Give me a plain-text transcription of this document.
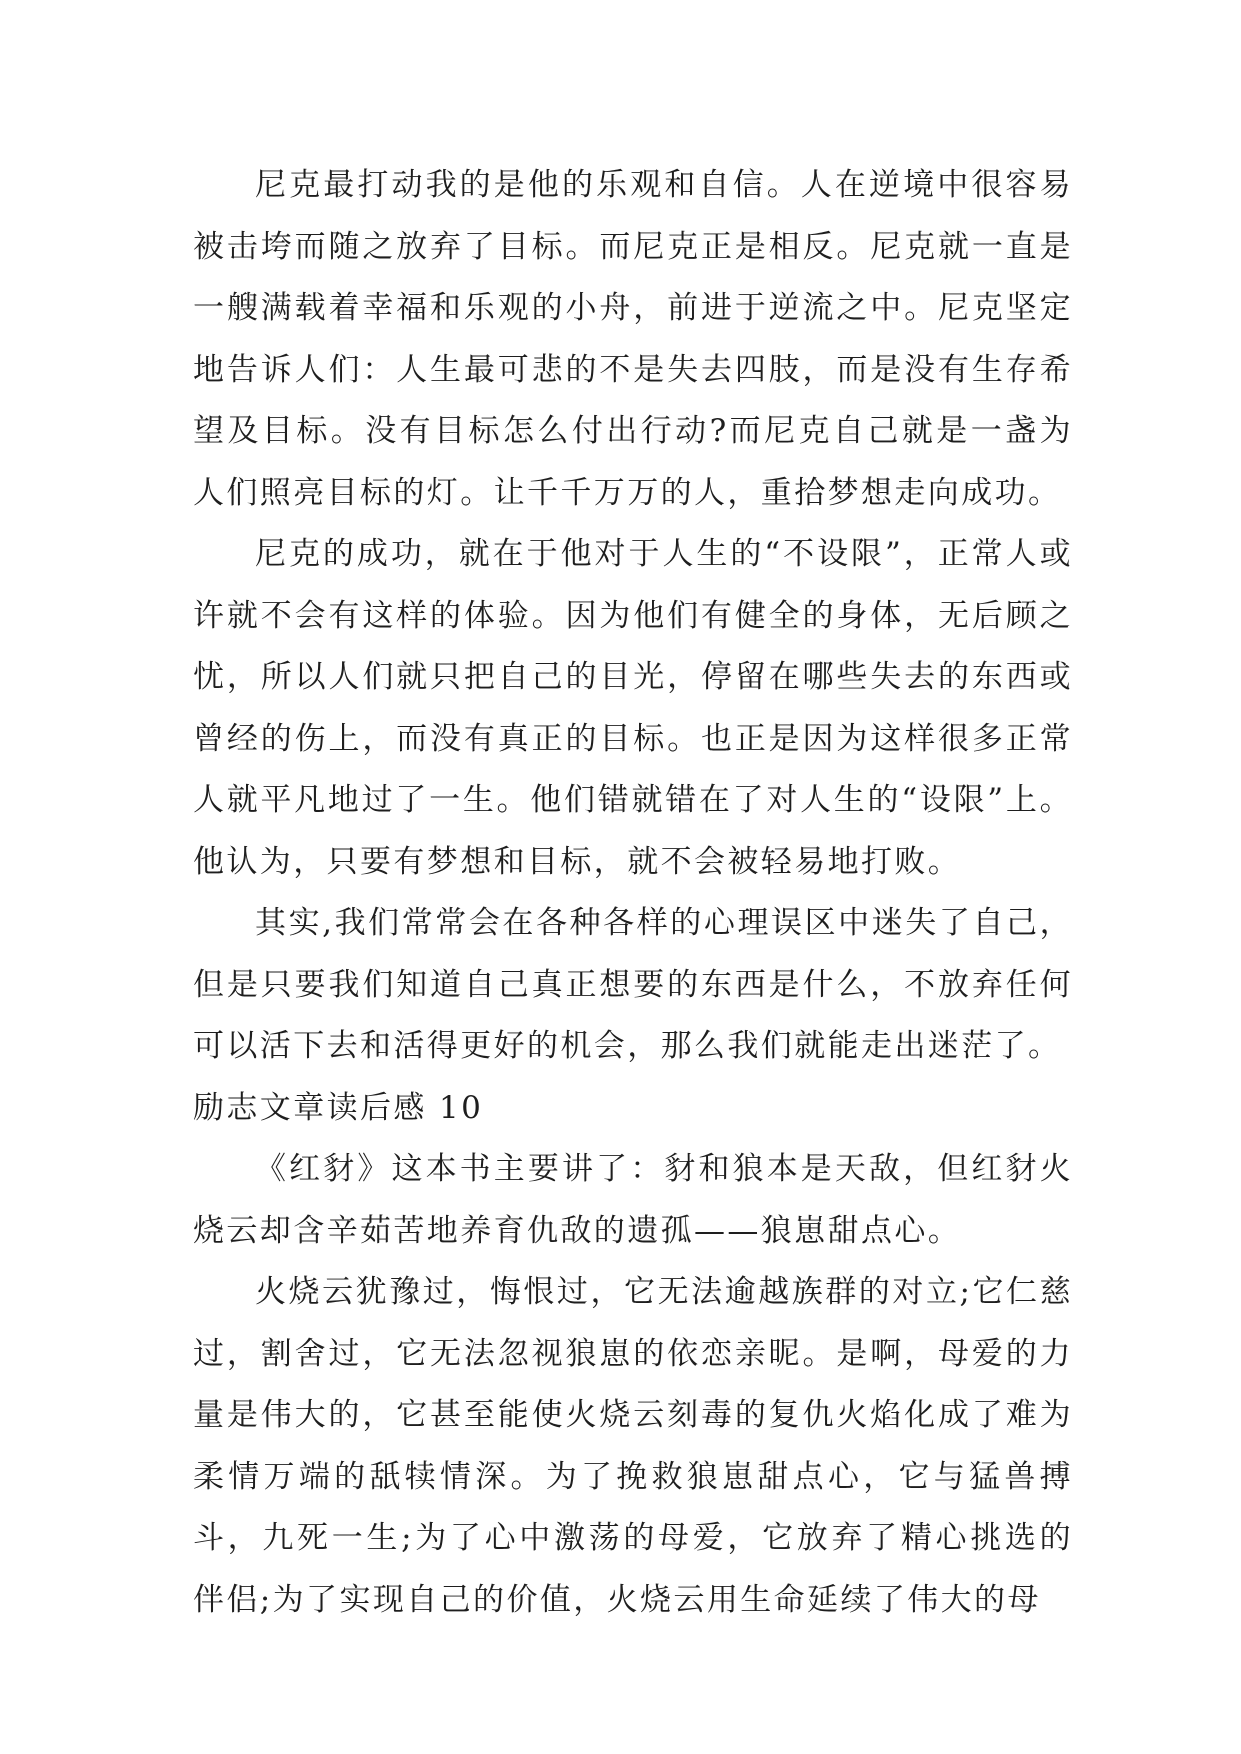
尼克最打动我的是他的乐观和自信。人在逆境中很容易被击垮而随之放弃了目标。而尼克正是相反。尼克就一直是一艘满载着幸福和乐观的小舟，前进于逆流之中。尼克坚定地告诉人们：人生最可悲的不是失去四肢，而是没有生存希望及目标。没有目标怎么付出行动?而尼克自己就是一盏为人们照亮目标的灯。让千千万万的人，重拾梦想走向成功。

尼克的成功，就在于他对于人生的“不设限”，正常人或许就不会有这样的体验。因为他们有健全的身体，无后顾之忧，所以人们就只把自己的目光，停留在哪些失去的东西或曾经的伤上，而没有真正的目标。也正是因为这样很多正常人就平凡地过了一生。他们错就错在了对人生的“设限”上。他认为，只要有梦想和目标，就不会被轻易地打败。

其实,我们常常会在各种各样的心理误区中迷失了自己，但是只要我们知道自己真正想要的东西是什么，不放弃任何可以活下去和活得更好的机会，那么我们就能走出迷茫了。

励志文章读后感 10

《红豺》这本书主要讲了：豺和狼本是天敌，但红豺火烧云却含辛茹苦地养育仇敌的遗孤——狼崽甜点心。

火烧云犹豫过，悔恨过，它无法逾越族群的对立;它仁慈过，割舍过，它无法忽视狼崽的依恋亲昵。是啊，母爱的力量是伟大的，它甚至能使火烧云刻毒的复仇火焰化成了难为柔情万端的舐犊情深。为了挽救狼崽甜点心，它与猛兽搏斗，九死一生;为了心中激荡的母爱，它放弃了精心挑选的伴侣;为了实现自己的价值，火烧云用生命延续了伟大的母
